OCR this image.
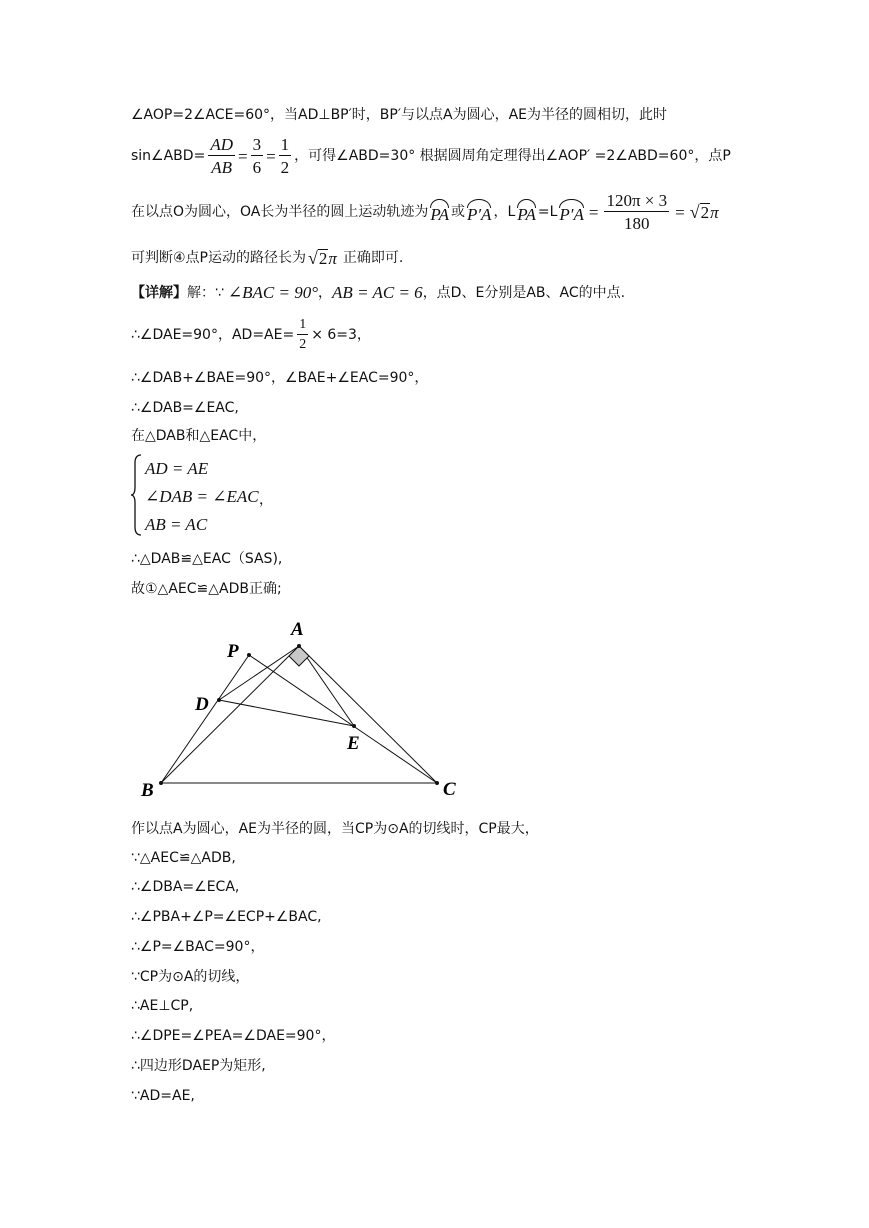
∠AOP=2∠ACE=60°，当AD⊥BP′时，BP′与以点A为圆心，AE为半径的圆相切，此时
sin∠ABD= $\frac{AD}{AB} = \frac{3}{6} = \frac{1}{2}$ ，可得∠ABD=30° 根据圆周角定理得出∠AOP′ =2∠ABD=60°，点P
在以点O为圆心，OA长为半径的圆上运动轨迹为 PA 或 P′A ，L PA =L $P'A = \frac{120\pi \times 3}{180}$ = √ 2 π
可判断④点P运动的路径长为 √ 2 π 正确即可.
【详解】 解：∵ ∠BAC = 90° ， AB = AC = 6 ，点D、E分别是AB、AC的中点.
∴∠DAE=90°，$AD=AE= \frac{1}{2} \times 6=3$，
∴∠DAB+∠BAE=90°，∠BAE+∠EAC=90°，
∴∠DAB=∠EAC,
在△DAB和△EAC中，
AD = AE
∠DAB = ∠EAC
AB = AC
，
∴△DAB≌△EAC（SAS),
故①△AEC≌△ADB正确;
A
P
D
E
B	C
作以点A为圆心，AE为半径的圆，当CP为⊙A的切线时，CP最大，
∵△AEC≌△ADB,
∴∠DBA=∠ECA,
∴∠PBA+∠P=∠ECP+∠BAC,
∴∠P=∠BAC=90°，
∵CP为⊙A的切线，
∴AE⊥CP,
∴∠DPE=∠PEA=∠DAE=90°，
∴四边形DAEP为矩形,
∵AD=AE,
